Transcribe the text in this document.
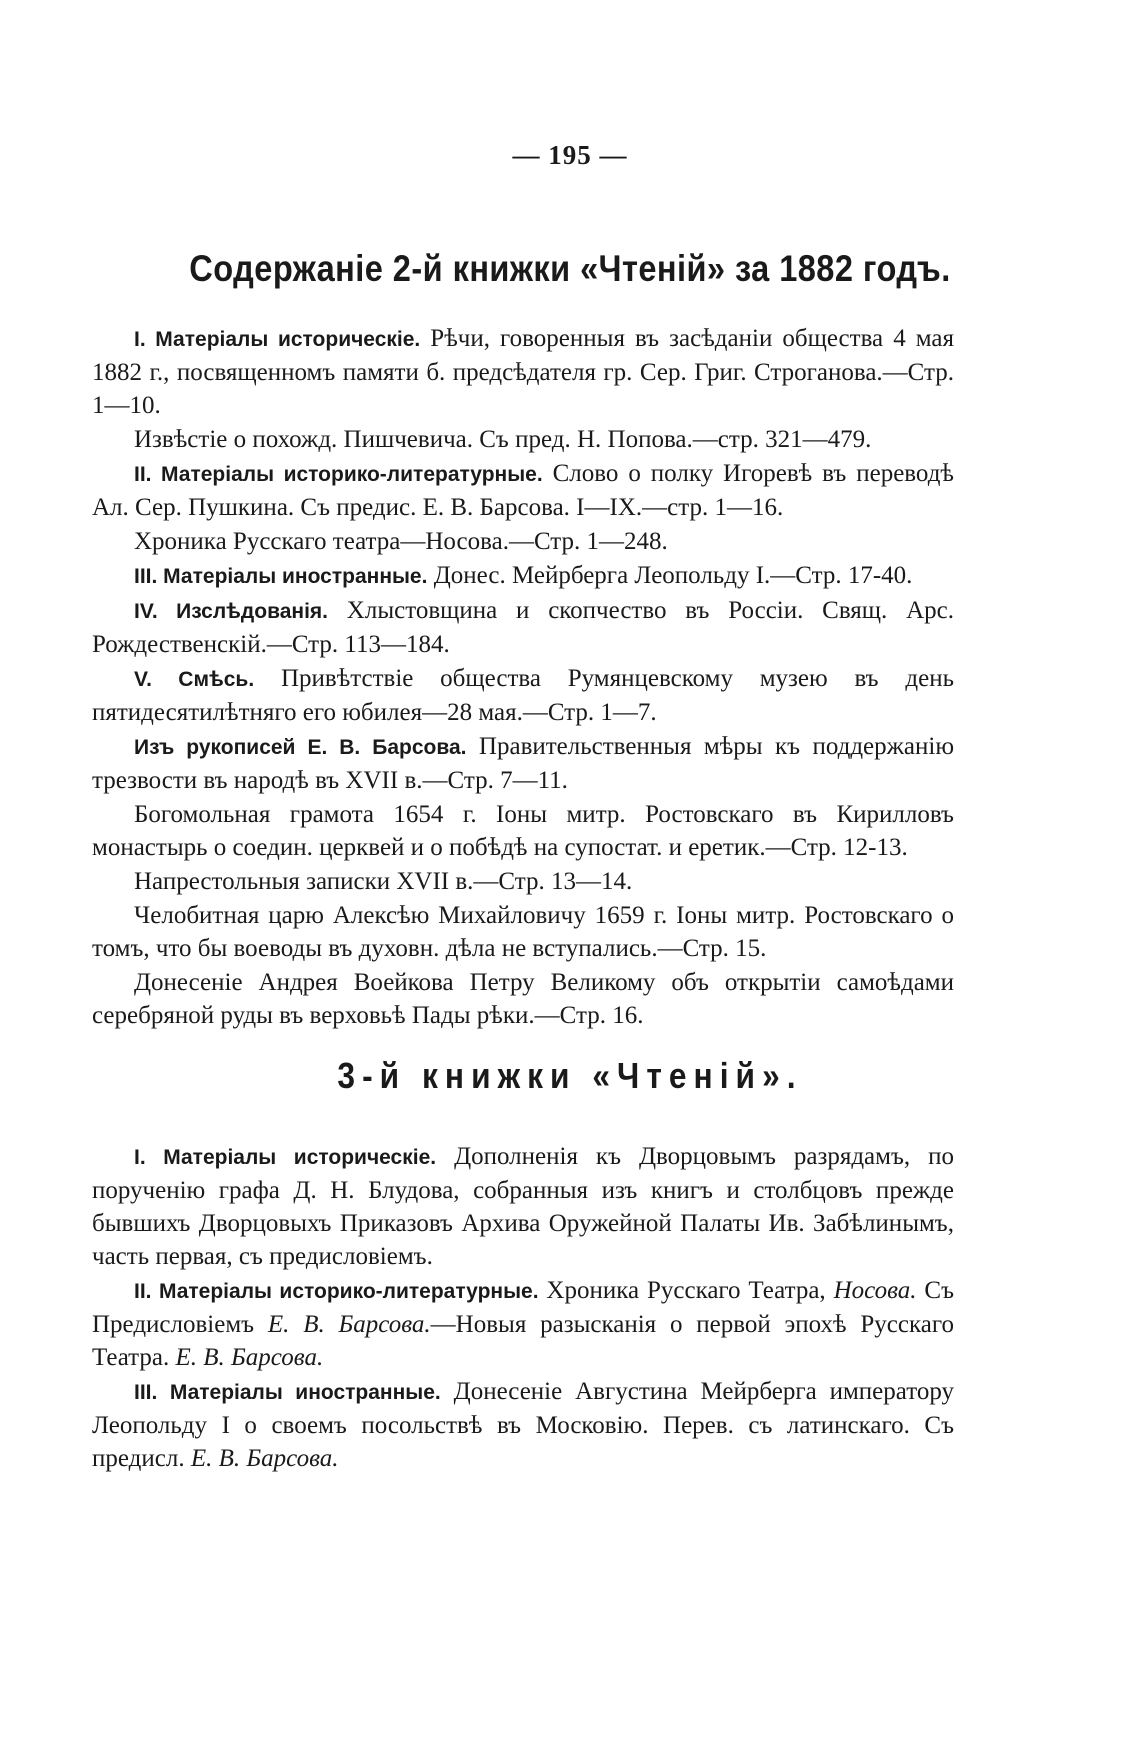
— 195 —
Содержаніе 2-й книжки «Чтеній» за 1882 годъ.

I. Матеріалы историческіе. Рѣчи, говоренныя въ засѣданіи общества 4 мая 1882 г., посвященномъ памяти б. предсѣдателя гр. Сер. Григ. Строганова.—Стр. 1—10.

Извѣстіе о похожд. Пишчевича. Съ пред. Н. Попова.—стр. 321—479.

II. Матеріалы историко-литературные. Слово о полку Игоревѣ въ переводѣ Ал. Сер. Пушкина. Съ предис. Е. В. Барсова. I—IX.—стр. 1—16.

Хроника Русскаго театра—Носова.—Стр. 1—248.

III. Матеріалы иностранные. Донес. Мейрберга Леопольду I.—Стр. 17-40.

IV. Изслѣдованія. Хлыстовщина и скопчество въ Россіи. Свящ. Арс. Рождественскій.—Стр. 113—184.

V. Смѣсь. Привѣтствіе общества Румянцевскому музею въ день пятидесятилѣтняго его юбилея—28 мая.—Стр. 1—7.

Изъ рукописей Е. В. Барсова. Правительственныя мѣры къ поддержанію трезвости въ народѣ въ XVII в.—Стр. 7—11.

Богомольная грамота 1654 г. Іоны митр. Ростовскаго въ Кирилловъ монастырь о соедин. церквей и о побѣдѣ на супостат. и еретик.—Стр. 12-13.

Напрестольныя записки XVII в.—Стр. 13—14.

Челобитная царю Алексѣю Михайловичу 1659 г. Іоны митр. Ростовскаго о томъ, что бы воеводы въ духовн. дѣла не вступались.—Стр. 15.

Донесеніе Андрея Воейкова Петру Великому объ открытіи самоѣдами серебряной руды въ верховьѣ Пады рѣки.—Стр. 16.

3-й книжки «Чтеній».

I. Матеріалы историческіе. Дополненія къ Дворцовымъ разрядамъ, по порученію графа Д. Н. Блудова, собранныя изъ книгъ и столбцовъ прежде бывшихъ Дворцовыхъ Приказовъ Архива Оружейной Палаты Ив. Забѣлинымъ, часть первая, съ предисловіемъ.

II. Матеріалы историко-литературные. Хроника Русскаго Театра, Носова. Съ Предисловіемъ Е. В. Барсова.—Новыя разысканія о первой эпохѣ Русскаго Театра. Е. В. Барсова.

III. Матеріалы иностранные. Донесеніе Августина Мейрберга императору Леопольду I о своемъ посольствѣ въ Московію. Перев. съ латинскаго. Съ предисл. Е. В. Барсова.
